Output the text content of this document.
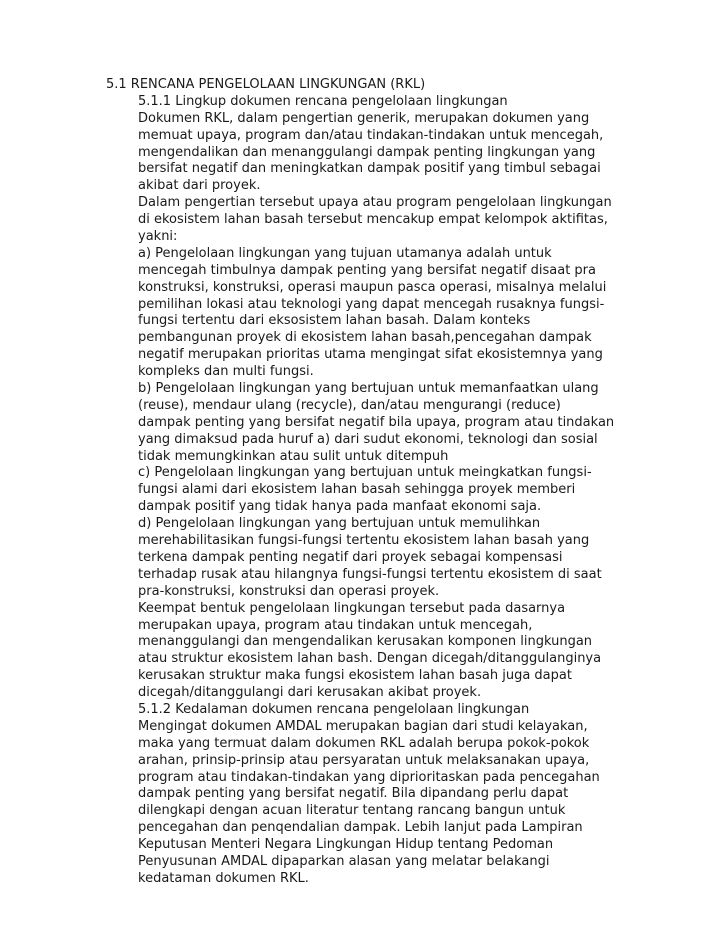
5.1 RENCANA PENGELOLAAN LINGKUNGAN (RKL)

5.1.1 Lingkup dokumen rencana pengelolaan lingkungan

Dokumen RKL, dalam pengertian generik, merupakan dokumen yang

memuat upaya, program dan/atau tindakan-tindakan untuk mencegah,

mengendalikan dan menanggulangi dampak penting lingkungan yang

bersifat negatif dan meningkatkan dampak positif yang timbul sebagai

akibat dari proyek.

Dalam pengertian tersebut upaya atau program pengelolaan lingkungan

di ekosistem lahan basah tersebut mencakup empat kelompok aktifitas,

yakni:

a) Pengelolaan lingkungan yang tujuan utamanya adalah untuk

mencegah timbulnya dampak penting yang bersifat negatif disaat pra

konstruksi, konstruksi, operasi maupun pasca operasi, misalnya melalui

pemilihan lokasi atau teknologi yang dapat mencegah rusaknya fungsi-

fungsi tertentu dari eksosistem lahan basah. Dalam konteks

pembangunan proyek di ekosistem lahan basah,pencegahan dampak

negatif merupakan prioritas utama mengingat sifat ekosistemnya yang

kompleks dan multi fungsi.

b) Pengelolaan lingkungan yang bertujuan untuk memanfaatkan ulang

(reuse), mendaur ulang (recycle), dan/atau mengurangi (reduce)

dampak penting yang bersifat negatif bila upaya, program atau tindakan

yang dimaksud pada huruf a) dari sudut ekonomi, teknologi dan sosial

tidak memungkinkan atau sulit untuk ditempuh

c) Pengelolaan lingkungan yang bertujuan untuk meingkatkan fungsi-

fungsi alami dari ekosistem lahan basah sehingga proyek memberi

dampak positif yang tidak hanya pada manfaat ekonomi saja.

d) Pengelolaan lingkungan yang bertujuan untuk memulihkan

merehabilitasikan fungsi-fungsi tertentu ekosistem lahan basah yang

terkena dampak penting negatif dari proyek sebagai kompensasi

terhadap rusak atau hilangnya fungsi-fungsi tertentu ekosistem di saat

pra-konstruksi, konstruksi dan operasi proyek.

Keempat bentuk pengelolaan lingkungan tersebut pada dasarnya

merupakan upaya, program atau tindakan untuk mencegah,

menanggulangi dan mengendalikan kerusakan komponen lingkungan

atau struktur ekosistem lahan bash. Dengan dicegah/ditanggulanginya

kerusakan struktur maka fungsi ekosistem lahan basah juga dapat

dicegah/ditanggulangi dari kerusakan akibat proyek.

5.1.2 Kedalaman dokumen rencana pengelolaan lingkungan

Mengingat dokumen AMDAL merupakan bagian dari studi kelayakan,

maka yang termuat dalam dokumen RKL adalah berupa pokok-pokok

arahan, prinsip-prinsip atau persyaratan untuk melaksanakan upaya,

program atau tindakan-tindakan yang diprioritaskan pada pencegahan

dampak penting yang bersifat negatif. Bila dipandang perlu dapat

dilengkapi dengan acuan literatur tentang rancang bangun untuk

pencegahan dan penqendalian dampak. Lebih lanjut pada Lampiran

Keputusan Menteri Negara Lingkungan Hidup tentang Pedoman

Penyusunan AMDAL dipaparkan alasan yang melatar belakangi

kedataman dokumen RKL.
